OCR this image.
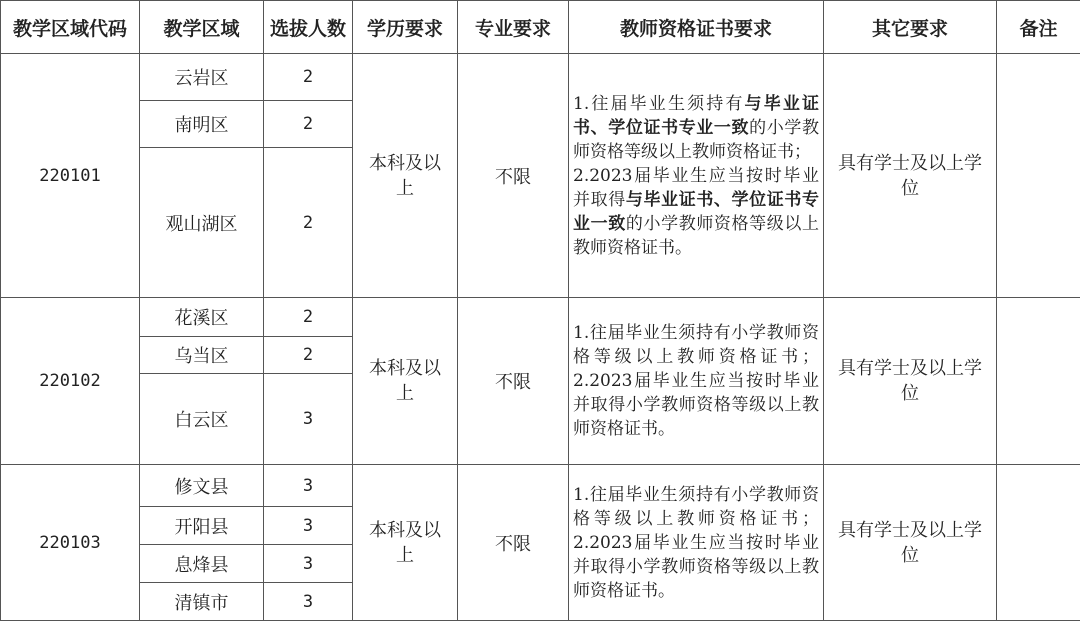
教学区域代码	教学区域	选拔人数	学历要求	专业要求	教师资格证书要求	其它要求	备注
220101	云岩区	2	本科及以上	不限	1.往届毕业生须持有与毕业证书、学位证书专业一致的小学教师资格等级以上教师资格证书；
2.2023届毕业生应当按时毕业并取得与毕业证书、学位证书专业一致的小学教师资格等级以上教师资格证书。	具有学士及以上学位	

	南明区	2					
	观山湖区	2					
220102	花溪区	2	本科及以上	不限	1.往届毕业生须持有小学教师资格等级以上教师资格证书； 2.2023届毕业生应当按时毕业并取得小学教师资格等级以上教师资格证书。	具有学士及以上学位	

	乌当区	2					
	白云区	3					
220103	修文县	3	本科及以上	不限	1.往届毕业生须持有小学教师资格等级以上教师资格证书； 2.2023届毕业生应当按时毕业并取得小学教师资格等级以上教师资格证书。	具有学士及以上学位	

	开阳县	3					
	息烽县	3					
	清镇市	3					
